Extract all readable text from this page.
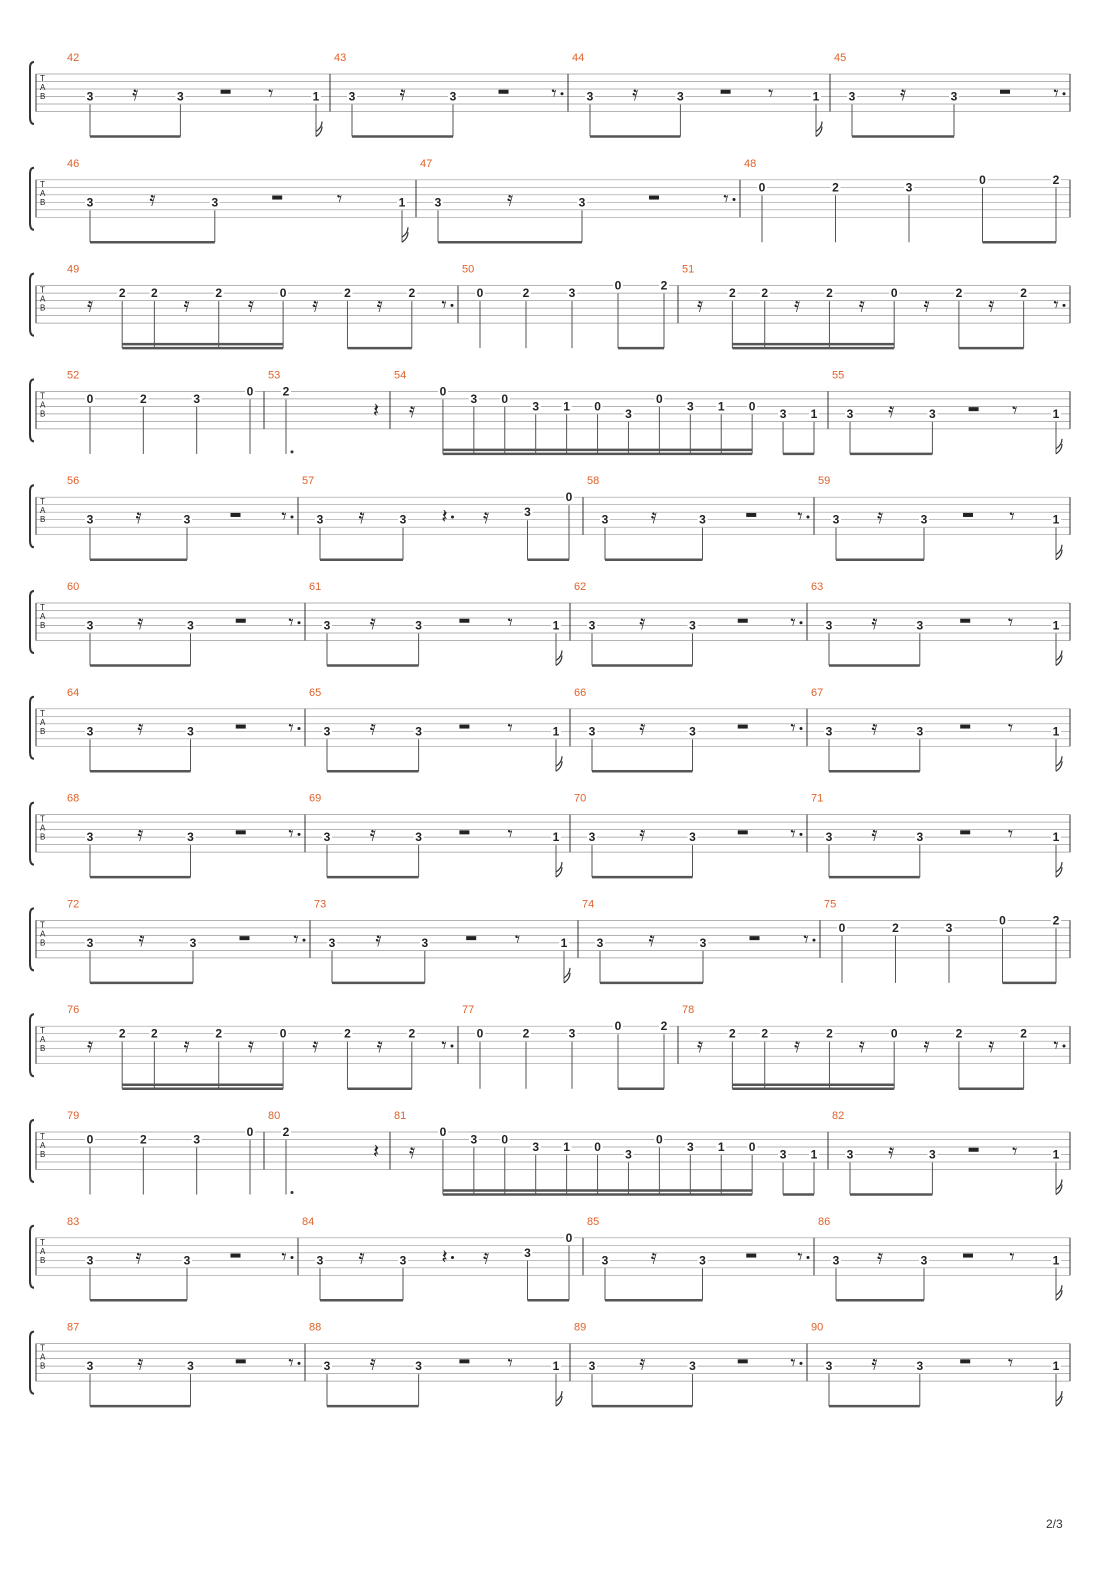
T
A
B
42
3 𝄿	3	𝄾	1
43
3 𝄿	3	𝄾
44
3 𝄿	3	𝄾	1
45
3 𝄿	3	𝄾
T
A
B
46
3	𝄿	3	𝄾	1
47
3	𝄿	3	𝄾
48
0	2	3
0	2
T
A
B
49
𝄿 2 2 𝄿 2 𝄿 0 𝄿 2 𝄿 2 𝄾
50
0	2	3
0	2
51
𝄿 2 2 𝄿 2 𝄿 0 𝄿 2 𝄿 2 𝄾
T
A
B
52
0	2	3
0
53
2
𝄽
54
𝄿
0
3 0
3 1 0
3
0
3 1 0
3 1
55
3 𝄿	3	𝄾	1
T
A
B
56
3 𝄿	3	𝄾
57
3 𝄿	3 𝄽 𝄿	3
0
58
3 𝄿	3	𝄾
59
3 𝄿	3	𝄾	1
T
A
B
60
3 𝄿	3	𝄾
61
3 𝄿	3	𝄾	1
62
3 𝄿	3	𝄾
63
3 𝄿	3	𝄾	1
T
A
B
64
3 𝄿	3	𝄾
65
3 𝄿	3	𝄾	1
66
3 𝄿	3	𝄾
67
3 𝄿	3	𝄾	1
T
A
B
68
3 𝄿	3	𝄾
69
3 𝄿	3	𝄾	1
70
3 𝄿	3	𝄾
71
3 𝄿	3	𝄾	1
T
A
B
72
3 𝄿	3	𝄾
73
3 𝄿	3	𝄾	1
74
3 𝄿	3	𝄾
75
0	2	3
0	2
T
A
B
76
𝄿 2 2 𝄿 2 𝄿 0 𝄿 2 𝄿 2 𝄾
77
0	2	3
0	2
78
𝄿 2 2 𝄿 2 𝄿 0 𝄿 2 𝄿 2 𝄾
T
A
B
79
0	2	3
0
80
2
𝄽
81
𝄿
0
3 0
3 1 0
3
0
3 1 0
3 1
82
3 𝄿	3	𝄾	1
T
A
B
83
3 𝄿	3	𝄾
84
3 𝄿	3 𝄽 𝄿	3
0
85
3 𝄿	3	𝄾
86
3 𝄿	3	𝄾	1
T
A
B
87
3 𝄿	3	𝄾
88
3 𝄿	3	𝄾	1
89
3 𝄿	3	𝄾
90
3 𝄿	3	𝄾	1
2/3
